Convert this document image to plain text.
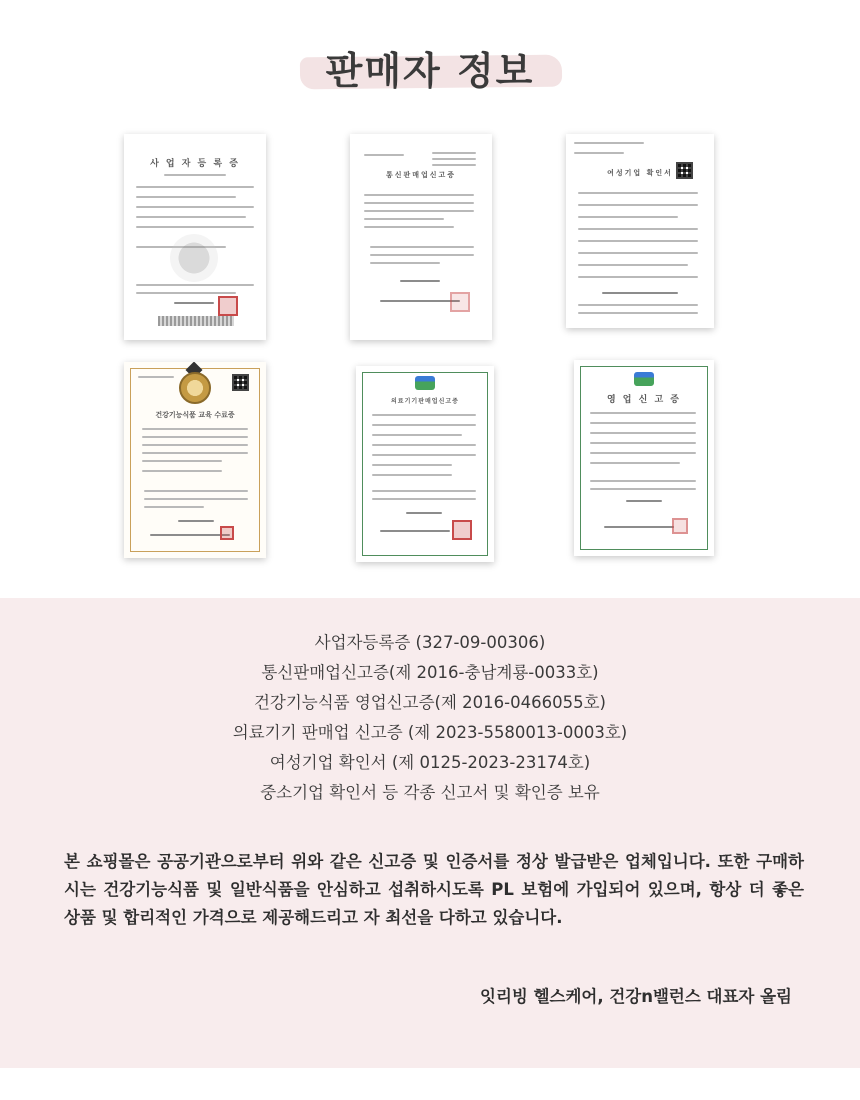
판매자 정보
사 업 자 등 록 증
통신판매업신고증	여성기업 확인서
건강기능식품 교육 수료증
의료기기판매업신고증	영 업 신 고 증
사업자등록증 (327-09-00306)
통신판매업신고증(제 2016-충남계룡-0033호)
건강기능식품 영업신고증(제 2016-0466055호)
의료기기 판매업 신고증 (제 2023-5580013-0003호)
여성기업 확인서 (제 0125-2023-23174호)
중소기업 확인서 등 각종 신고서 및 확인증 보유

본 쇼핑몰은 공공기관으로부터 위와 같은 신고증 및 인증서를 정상 발급받은 업체입니다. 또한 구매하시는 건강기능식품 및 일반식품을 안심하고 섭취하시도록 PL 보험에 가입되어 있으며, 항상 더 좋은 상품 및 합리적인 가격으로 제공해드리고 자 최선을 다하고 있습니다.

잇리빙 헬스케어, 건강n밸런스 대표자 올림
